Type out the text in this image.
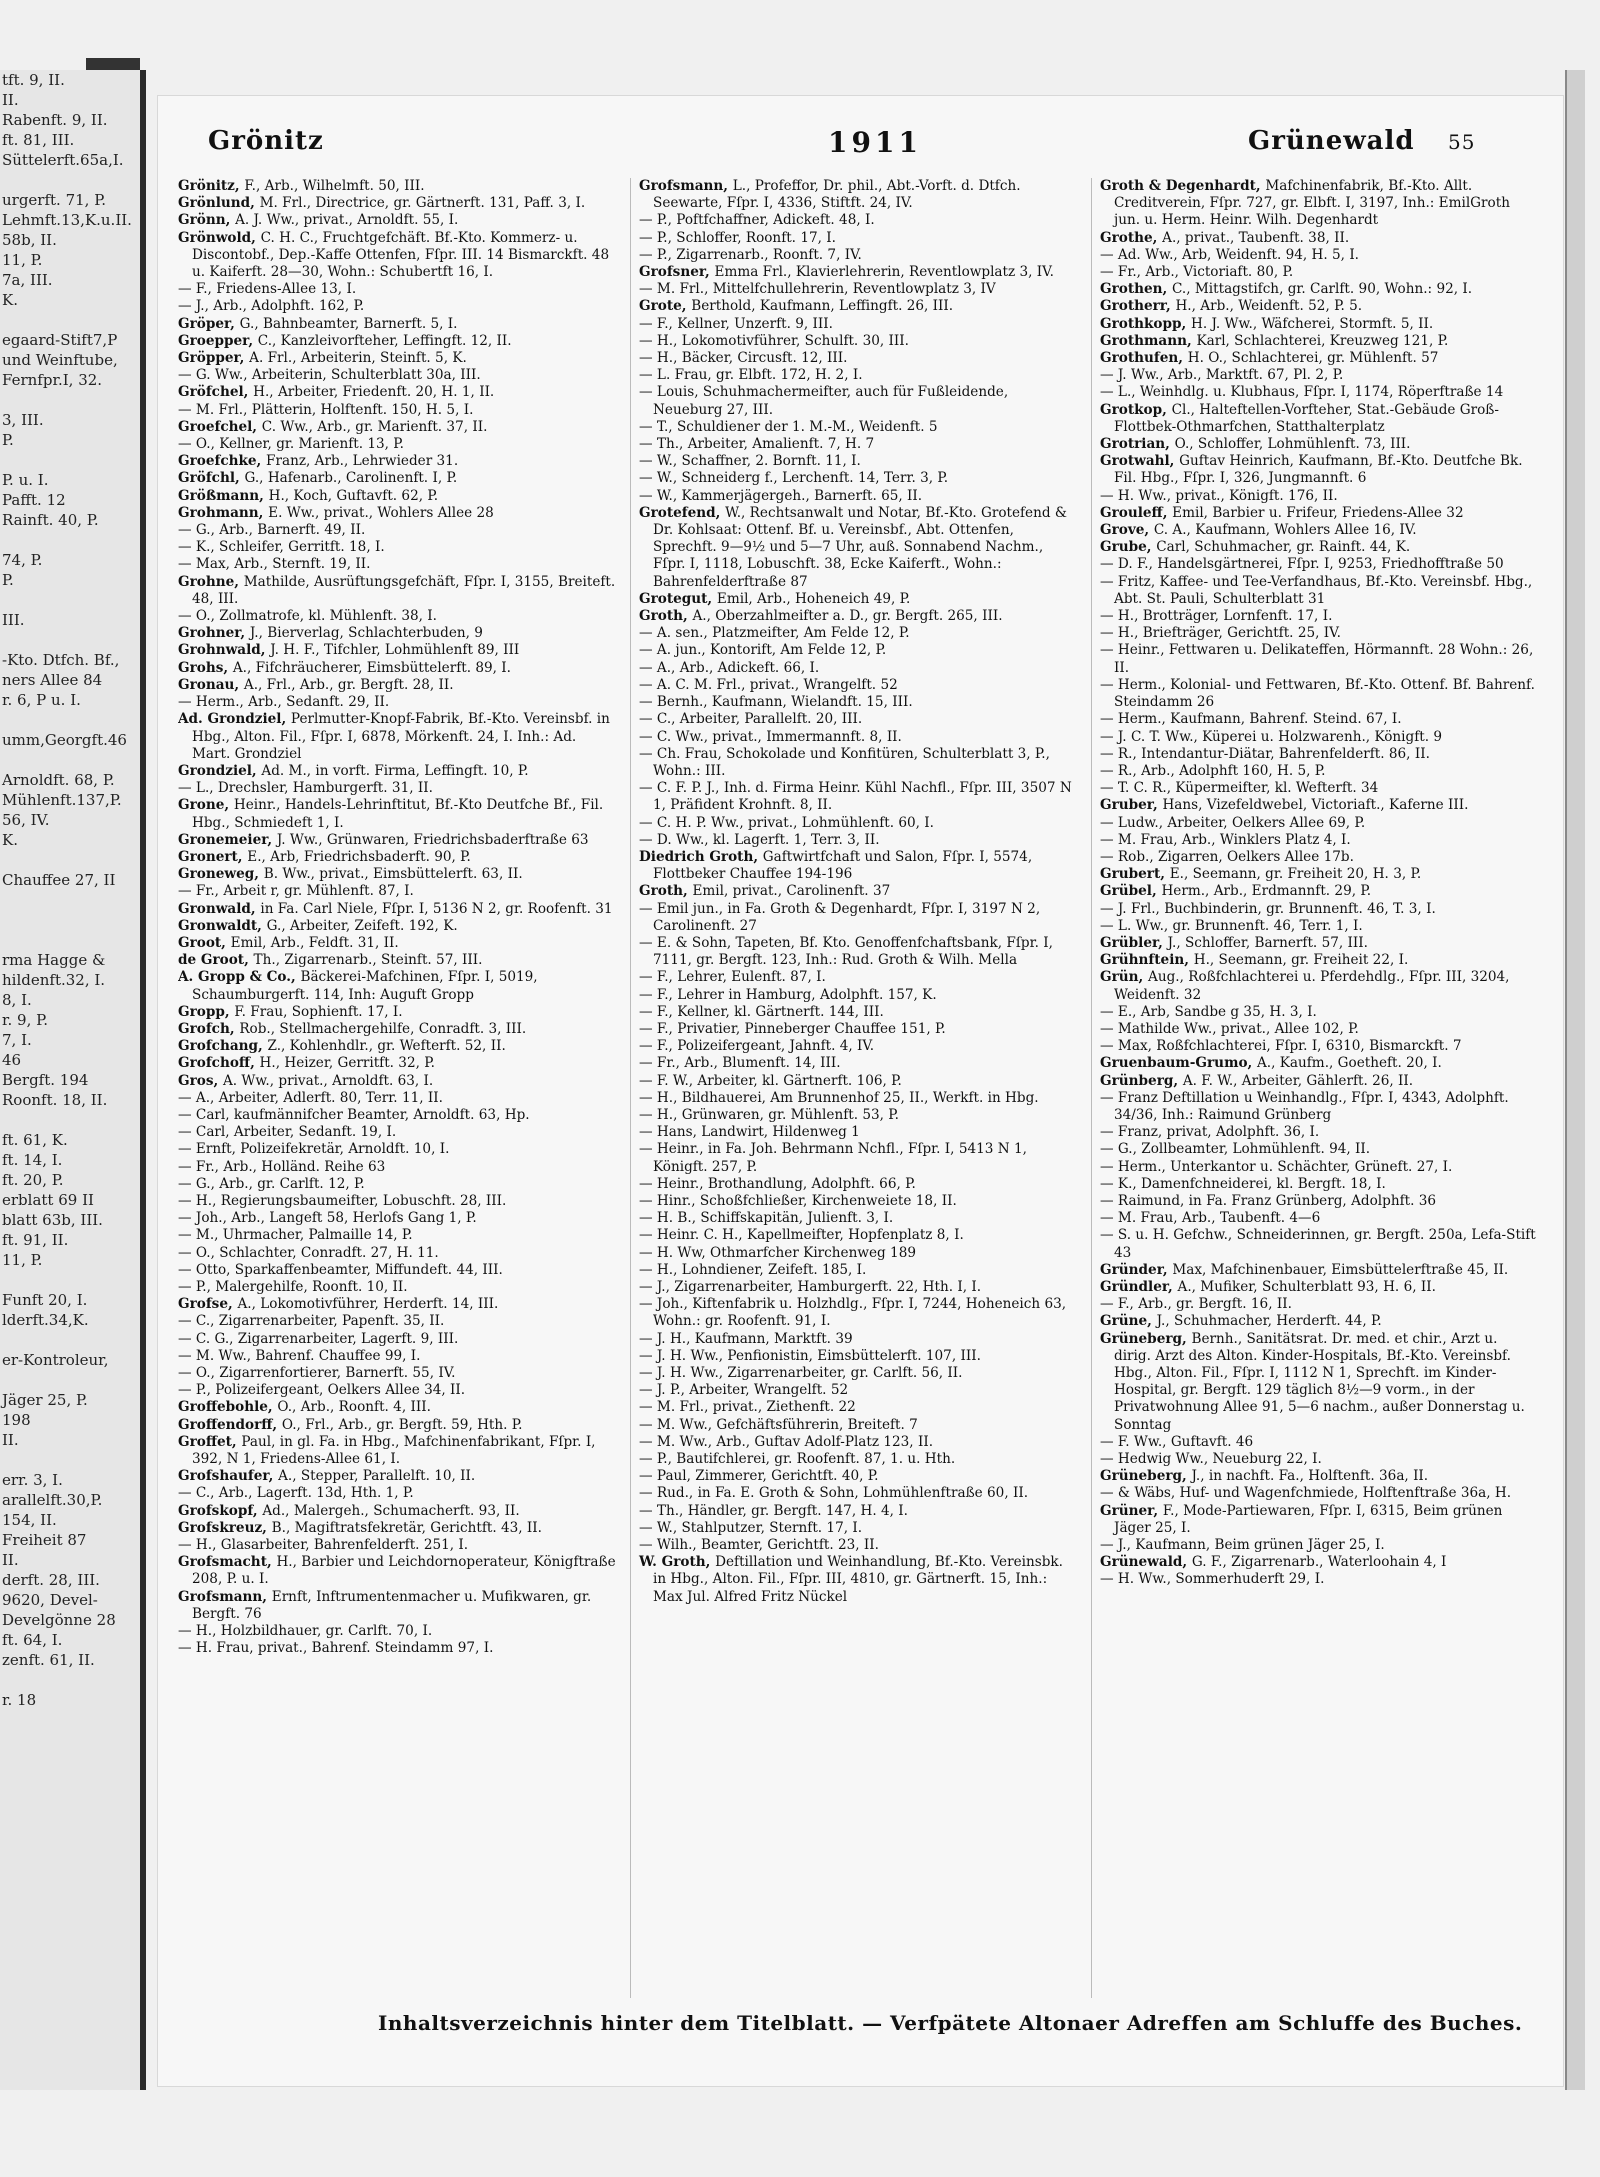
tft. 9, II.
II.
Rabenft. 9, II.
ft. 81, III.
Süttelerft.65a,I.

urgerft. 71, P.
Lehmft.13,K.u.II.
58b, II.
11, P.
7a, III.
K.

egaard-Stift7,P
und Weinftube,
Fernfpr.I, 32.

3, III.
P.

P. u. I.
Pafft. 12
Rainft. 40, P.

74, P.
P.

III.

-Kto. Dtfch. Bf.,
ners Allee 84
r. 6, P u. I.

umm,Georgft.46

Arnoldft. 68, P.
Mühlenft.137,P.
56, IV.
K.

Chauffee 27, II

rma Hagge &
hildenft.32, I.
8, I.
r. 9, P.
7, I.
46
Bergft. 194
Roonft. 18, II.

ft. 61, K.
ft. 14, I.
ft. 20, P.
erblatt 69 II
blatt 63b, III.
ft. 91, II.
11, P.

Funft 20, I.
lderft.34,K.

er-Kontroleur,

Jäger 25, P.
198
II.

err. 3, I.
arallelft.30,P.
154, II.
Freiheit 87
II.
derft. 28, III.
9620, Devel-
Develgönne 28
ft. 64, I.
zenft. 61, II.

r. 18
Grönitz	1911	Grünewald 55

Grönitz, F., Arb., Wilhelmft. 50, III.

Grönlund, M. Frl., Directrice, gr. Gärtnerft. 131, Paff. 3, I.

Grönn, A. J. Ww., privat., Arnoldft. 55, I.

Grönwold, C. H. C., Fruchtgefchäft. Bf.-Kto. Kommerz- u. Discontobf., Dep.-Kaffe Ottenfen, Fſpr. III. 14 Bismarckft. 48 u. Kaiferft. 28—30, Wohn.: Schubertft 16, I.

— F., Friedens-Allee 13, I.

— J., Arb., Adolphft. 162, P.

Gröper, G., Bahnbeamter, Barnerft. 5, I.

Groepper, C., Kanzleivorfteher, Leffingft. 12, II.

Gröpper, A. Frl., Arbeiterin, Steinft. 5, K.

— G. Ww., Arbeiterin, Schulterblatt 30a, III.

Gröfchel, H., Arbeiter, Friedenft. 20, H. 1, II.

— M. Frl., Plätterin, Holftenft. 150, H. 5, I.

Groefchel, C. Ww., Arb., gr. Marienft. 37, II.

— O., Kellner, gr. Marienft. 13, P.

Groefchke, Franz, Arb., Lehrwieder 31.

Gröfchl, G., Hafenarb., Carolinenft. I, P.

Größmann, H., Koch, Guftavft. 62, P.

Grohmann, E. Ww., privat., Wohlers Allee 28

— G., Arb., Barnerft. 49, II.

— K., Schleifer, Gerritft. 18, I.

— Max, Arb., Sternft. 19, II.

Grohne, Mathilde, Ausrüftungsgefchäft, Fſpr. I, 3155, Breiteft. 48, III.

— O., Zollmatrofe, kl. Mühlenft. 38, I.

Grohner, J., Bierverlag, Schlachterbuden, 9

Grohnwald, J. H. F., Tifchler, Lohmühlenft 89, III

Grohs, A., Fifchräucherer, Eimsbüttelerft. 89, I.

Gronau, A., Frl., Arb., gr. Bergft. 28, II.

— Herm., Arb., Sedanft. 29, II.

Ad. Grondziel, Perlmutter-Knopf-Fabrik, Bf.-Kto. Vereinsbf. in Hbg., Alton. Fil., Fſpr. I, 6878, Mörkenft. 24, I. Inh.: Ad. Mart. Grondziel

Grondziel, Ad. M., in vorft. Firma, Leffingft. 10, P.

— L., Drechsler, Hamburgerft. 31, II.

Grone, Heinr., Handels-Lehrinftitut, Bf.-Kto Deutfche Bf., Fil. Hbg., Schmiedeft 1, I.

Gronemeier, J. Ww., Grünwaren, Friedrichsbaderftraße 63

Gronert, E., Arb, Friedrichsbaderft. 90, P.

Groneweg, B. Ww., privat., Eimsbüttelerft. 63, II.

— Fr., Arbeit r, gr. Mühlenft. 87, I.

Gronwald, in Fa. Carl Niele, Fſpr. I, 5136 N 2, gr. Roofenft. 31

Gronwaldt, G., Arbeiter, Zeifeft. 192, K.

Groot, Emil, Arb., Feldft. 31, II.

de Groot, Th., Zigarrenarb., Steinft. 57, III.

A. Gropp & Co., Bäckerei-Mafchinen, Fſpr. I, 5019, Schaumburgerft. 114, Inh: Auguft Gropp

Gropp, F. Frau, Sophienft. 17, I.

Grofch, Rob., Stellmachergehilfe, Conradft. 3, III.

Grofchang, Z., Kohlenhdlr., gr. Wefterft. 52, II.

Grofchoff, H., Heizer, Gerritft. 32, P.

Gros, A. Ww., privat., Arnoldft. 63, I.

— A., Arbeiter, Adlerft. 80, Terr. 11, II.

— Carl, kaufmännifcher Beamter, Arnoldft. 63, Hp.

— Carl, Arbeiter, Sedanft. 19, I.

— Ernft, Polizeifekretär, Arnoldft. 10, I.

— Fr., Arb., Holländ. Reihe 63

— G., Arb., gr. Carlft. 12, P.

— H., Regierungsbaumeifter, Lobuschft. 28, III.

— Joh., Arb., Langeft 58, Herlofs Gang 1, P.

— M., Uhrmacher, Palmaille 14, P.

— O., Schlachter, Conradft. 27, H. 11.

— Otto, Sparkaffenbeamter, Miffundeft. 44, III.

— P., Malergehilfe, Roonft. 10, II.

Grofse, A., Lokomotivführer, Herderft. 14, III.

— C., Zigarrenarbeiter, Papenft. 35, II.

— C. G., Zigarrenarbeiter, Lagerft. 9, III.

— M. Ww., Bahrenf. Chauffee 99, I.

— O., Zigarrenfortierer, Barnerft. 55, IV.

— P., Polizeifergeant, Oelkers Allee 34, II.

Groffebohle, O., Arb., Roonft. 4, III.

Groffendorff, O., Frl., Arb., gr. Bergft. 59, Hth. P.

Groffet, Paul, in gl. Fa. in Hbg., Mafchinenfabrikant, Fſpr. I, 392, N 1, Friedens-Allee 61, I.

Grofshaufer, A., Stepper, Parallelft. 10, II.

— C., Arb., Lagerft. 13d, Hth. 1, P.

Grofskopf, Ad., Malergeh., Schumacherft. 93, II.

Grofskreuz, B., Magiftratsfekretär, Gerichtft. 43, II.

— H., Glasarbeiter, Bahrenfelderft. 251, I.

Grofsmacht, H., Barbier und Leichdornoperateur, Königftraße 208, P. u. I.

Grofsmann, Ernft, Inftrumentenmacher u. Mufikwaren, gr. Bergft. 76

— H., Holzbildhauer, gr. Carlft. 70, I.

— H. Frau, privat., Bahrenf. Steindamm 97, I.

Grofsmann, L., Profeffor, Dr. phil., Abt.-Vorft. d. Dtfch. Seewarte, Fſpr. I, 4336, Stiftft. 24, IV.

— P., Poftfchaffner, Adickeft. 48, I.

— P., Schloffer, Roonft. 17, I.

— P., Zigarrenarb., Roonft. 7, IV.

Grofsner, Emma Frl., Klavierlehrerin, Reventlowplatz 3, IV.

— M. Frl., Mittelfchullehrerin, Reventlowplatz 3, IV

Grote, Berthold, Kaufmann, Leffingft. 26, III.

— F., Kellner, Unzerft. 9, III.

— H., Lokomotivführer, Schulft. 30, III.

— H., Bäcker, Circusft. 12, III.

— L. Frau, gr. Elbft. 172, H. 2, I.

— Louis, Schuhmachermeifter, auch für Fußleidende, Neueburg 27, III.

— T., Schuldiener der 1. M.-M., Weidenft. 5

— Th., Arbeiter, Amalienft. 7, H. 7

— W., Schaffner, 2. Bornft. 11, I.

— W., Schneiderg f., Lerchenft. 14, Terr. 3, P.

— W., Kammerjägergeh., Barnerft. 65, II.

Grotefend, W., Rechtsanwalt und Notar, Bf.-Kto. Grotefend & Dr. Kohlsaat: Ottenf. Bf. u. Vereinsbf., Abt. Ottenfen, Sprechft. 9—9½ und 5—7 Uhr, auß. Sonnabend Nachm., Fſpr. I, 1118, Lobuschft. 38, Ecke Kaiferft., Wohn.: Bahrenfelderftraße 87

Grotegut, Emil, Arb., Hoheneich 49, P.

Groth, A., Oberzahlmeifter a. D., gr. Bergft. 265, III.

— A. sen., Platzmeifter, Am Felde 12, P.

— A. jun., Kontorift, Am Felde 12, P.

— A., Arb., Adickeft. 66, I.

— A. C. M. Frl., privat., Wrangelft. 52

— Bernh., Kaufmann, Wielandft. 15, III.

— C., Arbeiter, Parallelft. 20, III.

— C. Ww., privat., Immermannft. 8, II.

— Ch. Frau, Schokolade und Konfitüren, Schulterblatt 3, P., Wohn.: III.

— C. F. P. J., Inh. d. Firma Heinr. Kühl Nachfl., Fſpr. III, 3507 N 1, Präfident Krohnft. 8, II.

— C. H. P. Ww., privat., Lohmühlenft. 60, I.

— D. Ww., kl. Lagerft. 1, Terr. 3, II.

Diedrich Groth, Gaftwirtfchaft und Salon, Fſpr. I, 5574, Flottbeker Chauffee 194-196

Groth, Emil, privat., Carolinenft. 37

— Emil jun., in Fa. Groth & Degenhardt, Fſpr. I, 3197 N 2, Carolinenft. 27

— E. & Sohn, Tapeten, Bf. Kto. Genoffenfchaftsbank, Fſpr. I, 7111, gr. Bergft. 123, Inh.: Rud. Groth & Wilh. Mella

— F., Lehrer, Eulenft. 87, I.

— F., Lehrer in Hamburg, Adolphft. 157, K.

— F., Kellner, kl. Gärtnerft. 144, III.

— F., Privatier, Pinneberger Chauffee 151, P.

— F., Polizeifergeant, Jahnft. 4, IV.

— Fr., Arb., Blumenft. 14, III.

— F. W., Arbeiter, kl. Gärtnerft. 106, P.

— H., Bildhauerei, Am Brunnenhof 25, II., Werkft. in Hbg.

— H., Grünwaren, gr. Mühlenft. 53, P.

— Hans, Landwirt, Hildenweg 1

— Heinr., in Fa. Joh. Behrmann Nchfl., Fſpr. I, 5413 N 1, Königft. 257, P.

— Heinr., Brothandlung, Adolphft. 66, P.

— Hinr., Schoßfchließer, Kirchenweiete 18, II.

— H. B., Schiffskapitän, Julienft. 3, I.

— Heinr. C. H., Kapellmeifter, Hopfenplatz 8, I.

— H. Ww, Othmarfcher Kirchenweg 189

— H., Lohndiener, Zeifeft. 185, I.

— J., Zigarrenarbeiter, Hamburgerft. 22, Hth. I, I.

— Joh., Kiftenfabrik u. Holzhdlg., Fſpr. I, 7244, Hoheneich 63, Wohn.: gr. Roofenft. 91, I.

— J. H., Kaufmann, Marktft. 39

— J. H. Ww., Penfionistin, Eimsbüttelerft. 107, III.

— J. H. Ww., Zigarrenarbeiter, gr. Carlft. 56, II.

— J. P., Arbeiter, Wrangelft. 52

— M. Frl., privat., Ziethenft. 22

— M. Ww., Gefchäftsführerin, Breiteft. 7

— M. Ww., Arb., Guftav Adolf-Platz 123, II.

— P., Bautifchlerei, gr. Roofenft. 87, 1. u. Hth.

— Paul, Zimmerer, Gerichtft. 40, P.

— Rud., in Fa. E. Groth & Sohn, Lohmühlenftraße 60, II.

— Th., Händler, gr. Bergft. 147, H. 4, I.

— W., Stahlputzer, Sternft. 17, I.

— Wilh., Beamter, Gerichtft. 23, II.

W. Groth, Deftillation und Weinhandlung, Bf.-Kto. Vereinsbk. in Hbg., Alton. Fil., Fſpr. III, 4810, gr. Gärtnerft. 15, Inh.: Max Jul. Alfred Fritz Nückel

Groth & Degenhardt, Mafchinenfabrik, Bf.-Kto. Allt. Creditverein, Fſpr. 727, gr. Elbft. I, 3197, Inh.: EmilGroth jun. u. Herm. Heinr. Wilh. Degenhardt

Grothe, A., privat., Taubenft. 38, II.

— Ad. Ww., Arb, Weidenft. 94, H. 5, I.

— Fr., Arb., Victoriaft. 80, P.

Grothen, C., Mittagstifch, gr. Carlft. 90, Wohn.: 92, I.

Grotherr, H., Arb., Weidenft. 52, P. 5.

Grothkopp, H. J. Ww., Wäfcherei, Stormft. 5, II.

Grothmann, Karl, Schlachterei, Kreuzweg 121, P.

Grothufen, H. O., Schlachterei, gr. Mühlenft. 57

— J. Ww., Arb., Marktft. 67, Pl. 2, P.

— L., Weinhdlg. u. Klubhaus, Fſpr. I, 1174, Röperftraße 14

Grotkop, Cl., Halteftellen-Vorfteher, Stat.-Gebäude Groß-Flottbek-Othmarfchen, Statthalterplatz

Grotrian, O., Schloffer, Lohmühlenft. 73, III.

Grotwahl, Guftav Heinrich, Kaufmann, Bf.-Kto. Deutfche Bk. Fil. Hbg., Fſpr. I, 326, Jungmannft. 6

— H. Ww., privat., Königft. 176, II.

Grouleff, Emil, Barbier u. Frifeur, Friedens-Allee 32

Grove, C. A., Kaufmann, Wohlers Allee 16, IV.

Grube, Carl, Schuhmacher, gr. Rainft. 44, K.

— D. F., Handelsgärtnerei, Fſpr. I, 9253, Friedhofftraße 50

— Fritz, Kaffee- und Tee-Verfandhaus, Bf.-Kto. Vereinsbf. Hbg., Abt. St. Pauli, Schulterblatt 31

— H., Brotträger, Lornfenft. 17, I.

— H., Briefträger, Gerichtft. 25, IV.

— Heinr., Fettwaren u. Delikateffen, Hörmannft. 28 Wohn.: 26, II.

— Herm., Kolonial- und Fettwaren, Bf.-Kto. Ottenf. Bf. Bahrenf. Steindamm 26

— Herm., Kaufmann, Bahrenf. Steind. 67, I.

— J. C. T. Ww., Küperei u. Holzwarenh., Königft. 9

— R., Intendantur-Diätar, Bahrenfelderft. 86, II.

— R., Arb., Adolphft 160, H. 5, P.

— T. C. R., Küpermeifter, kl. Wefterft. 34

Gruber, Hans, Vizefeldwebel, Victoriaft., Kaferne III.

— Ludw., Arbeiter, Oelkers Allee 69, P.

— M. Frau, Arb., Winklers Platz 4, I.

— Rob., Zigarren, Oelkers Allee 17b.

Grubert, E., Seemann, gr. Freiheit 20, H. 3, P.

Grübel, Herm., Arb., Erdmannft. 29, P.

— J. Frl., Buchbinderin, gr. Brunnenft. 46, T. 3, I.

— L. Ww., gr. Brunnenft. 46, Terr. 1, I.

Grübler, J., Schloffer, Barnerft. 57, III.

Grühnftein, H., Seemann, gr. Freiheit 22, I.

Grün, Aug., Roßfchlachterei u. Pferdehdlg., Fſpr. III, 3204, Weidenft. 32

— E., Arb, Sandbe g 35, H. 3, I.

— Mathilde Ww., privat., Allee 102, P.

— Max, Roßfchlachterei, Fſpr. I, 6310, Bismarckft. 7

Gruenbaum-Grumo, A., Kaufm., Goetheft. 20, I.

Grünberg, A. F. W., Arbeiter, Gählerft. 26, II.

— Franz Deftillation u Weinhandlg., Fſpr. I, 4343, Adolphft. 34/36, Inh.: Raimund Grünberg

— Franz, privat, Adolphft. 36, I.

— G., Zollbeamter, Lohmühlenft. 94, II.

— Herm., Unterkantor u. Schächter, Grüneft. 27, I.

— K., Damenfchneiderei, kl. Bergft. 18, I.

— Raimund, in Fa. Franz Grünberg, Adolphft. 36

— M. Frau, Arb., Taubenft. 4—6

— S. u. H. Gefchw., Schneiderinnen, gr. Bergft. 250a, Lefa-Stift 43

Gründer, Max, Mafchinenbauer, Eimsbüttelerftraße 45, II.

Gründler, A., Mufiker, Schulterblatt 93, H. 6, II.

— F., Arb., gr. Bergft. 16, II.

Grüne, J., Schuhmacher, Herderft. 44, P.

Grüneberg, Bernh., Sanitätsrat. Dr. med. et chir., Arzt u. dirig. Arzt des Alton. Kinder-Hospitals, Bf.-Kto. Vereinsbf. Hbg., Alton. Fil., Fſpr. I, 1112 N 1, Sprechft. im Kinder-Hospital, gr. Bergft. 129 täglich 8½—9 vorm., in der Privatwohnung Allee 91, 5—6 nachm., außer Donnerstag u. Sonntag

— F. Ww., Guftavft. 46

— Hedwig Ww., Neueburg 22, I.

Grüneberg, J., in nachft. Fa., Holftenft. 36a, II.

— & Wäbs, Huf- und Wagenfchmiede, Holftenftraße 36a, H.

Grüner, F., Mode-Partiewaren, Fſpr. I, 6315, Beim grünen Jäger 25, I.

— J., Kaufmann, Beim grünen Jäger 25, I.

Grünewald, G. F., Zigarrenarb., Waterloohain 4, I

— H. Ww., Sommerhuderft 29, I.

Inhaltsverzeichnis hinter dem Titelblatt. — Verfpätete Altonaer Adreffen am Schluffe des Buches.
